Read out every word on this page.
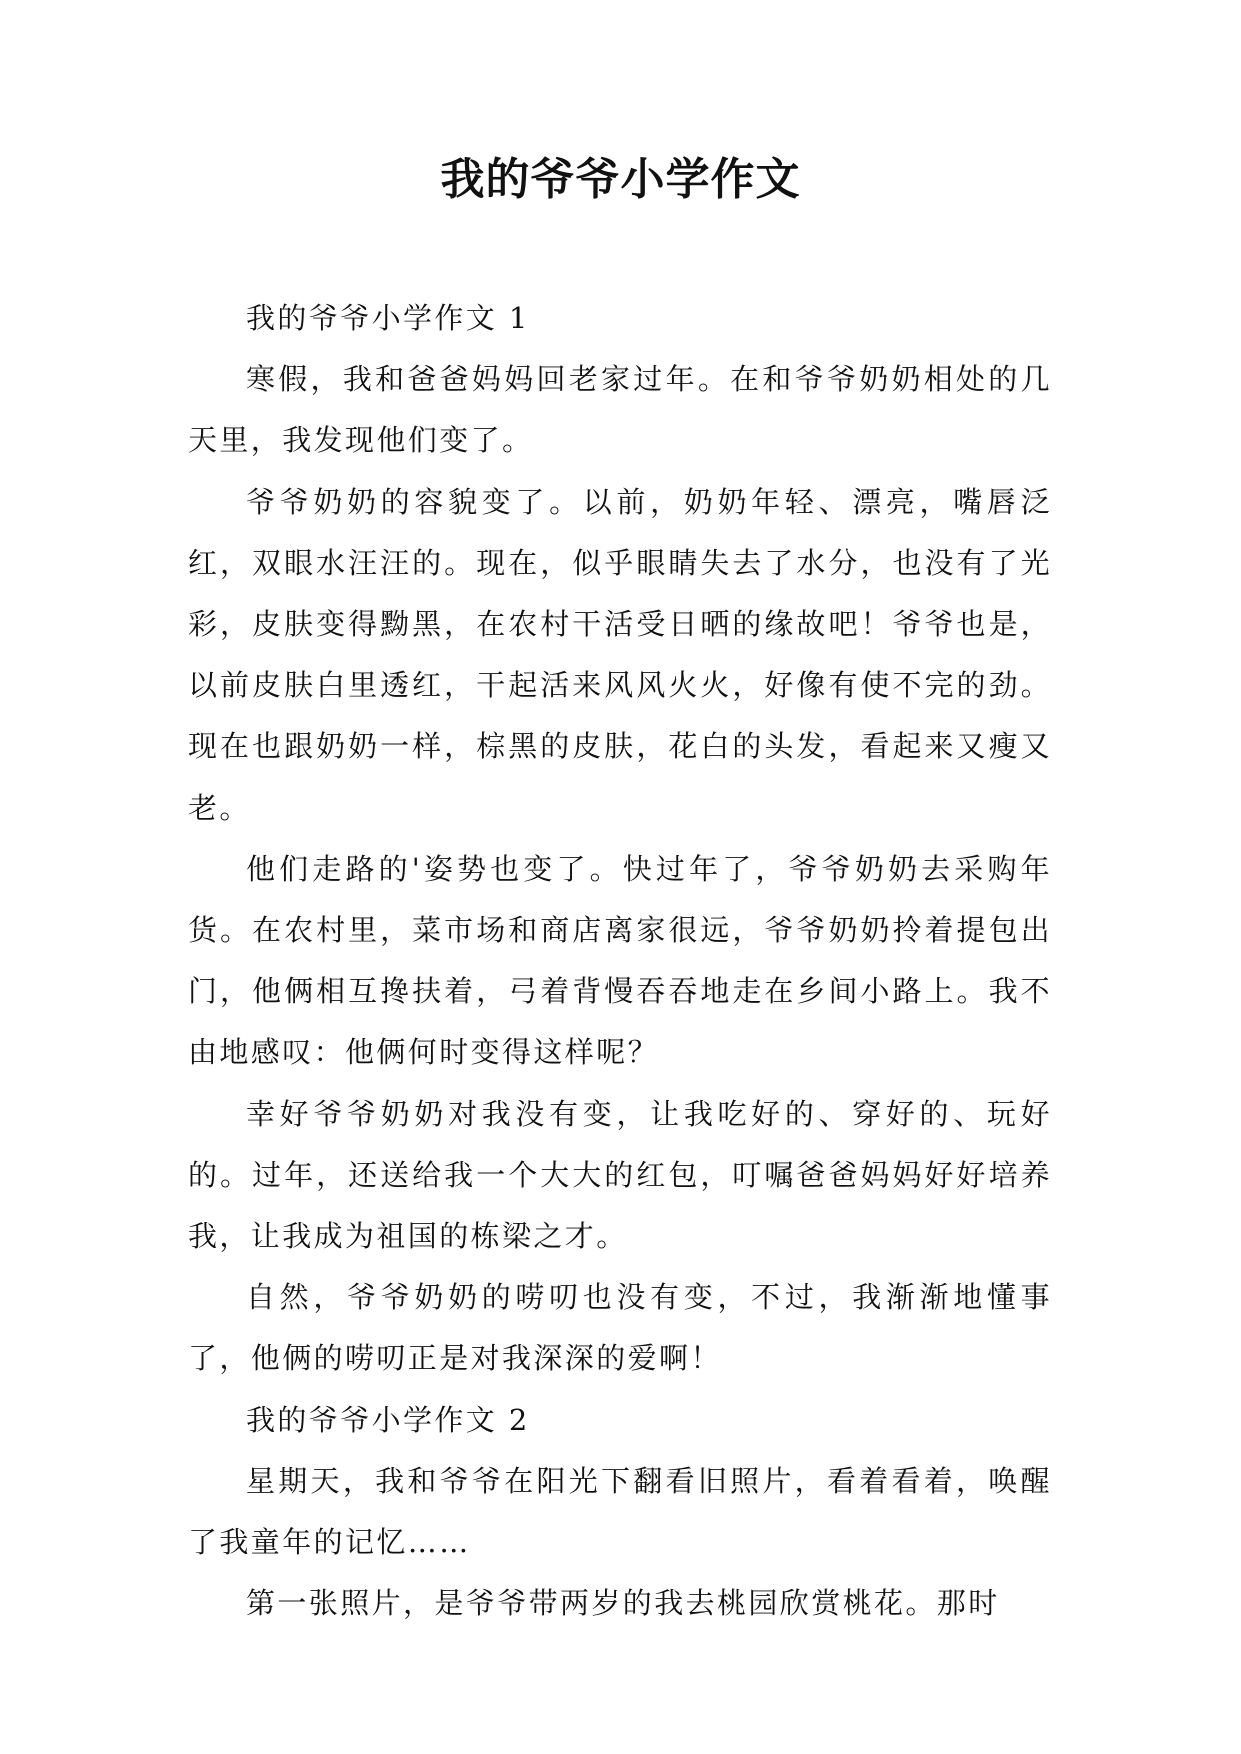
我的爷爷小学作文

我的爷爷小学作文 1

寒假，我和爸爸妈妈回老家过年。在和爷爷奶奶相处的几天里，我发现他们变了。

爷爷奶奶的容貌变了。以前，奶奶年轻、漂亮，嘴唇泛红，双眼水汪汪的。现在，似乎眼睛失去了水分，也没有了光彩，皮肤变得黝黑，在农村干活受日晒的缘故吧！爷爷也是，以前皮肤白里透红，干起活来风风火火，好像有使不完的劲。现在也跟奶奶一样，棕黑的皮肤，花白的头发，看起来又瘦又老。

他们走路的'姿势也变了。快过年了，爷爷奶奶去采购年货。在农村里，菜市场和商店离家很远，爷爷奶奶拎着提包出门，他俩相互搀扶着，弓着背慢吞吞地走在乡间小路上。我不由地感叹：他俩何时变得这样呢？

幸好爷爷奶奶对我没有变，让我吃好的、穿好的、玩好的。过年，还送给我一个大大的红包，叮嘱爸爸妈妈好好培养我，让我成为祖国的栋梁之才。

自然，爷爷奶奶的唠叨也没有变，不过，我渐渐地懂事了，他俩的唠叨正是对我深深的爱啊！

我的爷爷小学作文 2

星期天，我和爷爷在阳光下翻看旧照片，看着看着，唤醒了我童年的记忆……

第一张照片，是爷爷带两岁的我去桃园欣赏桃花。那时
